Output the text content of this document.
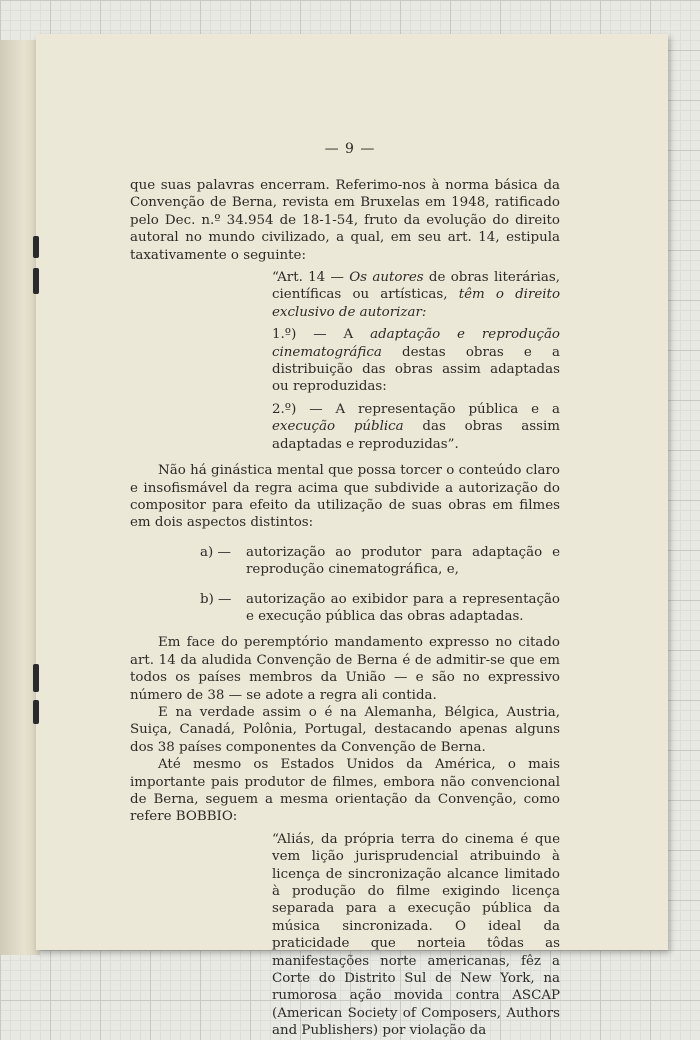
— 9 —

que suas palavras encerram. Referimo-nos à norma básica da Convenção de Berna, revista em Bruxelas em 1948, ratificado pelo Dec. n.º 34.954 de 18-1-54, fruto da evolução do direito autoral no mundo civilizado, a qual, em seu art. 14, estipula taxativamente o seguinte:

“Art. 14 — Os autores de obras literárias, científicas ou artísticas, têm o direito exclusivo de autorizar:

1.º) — A adaptação e reprodução cinematográfica destas obras e a distribuição das obras assim adaptadas ou reproduzidas:

2.º) — A representação pública e a execução pública das obras assim adaptadas e reproduzidas”.

Não há ginástica mental que possa torcer o conteúdo claro e insofismável da regra acima que subdivide a autorização do compositor para efeito da utilização de suas obras em filmes em dois aspectos distintos:

a) —	autorização ao produtor para adaptação e reprodução cinematográfica, e,
b) —	autorização ao exibidor para a representação e execução pública das obras adaptadas.

Em face do peremptório mandamento expresso no citado art. 14 da aludida Convenção de Berna é de admitir-se que em todos os países membros da União — e são no expressivo número de 38 — se adote a regra ali contida.

E na verdade assim o é na Alemanha, Bélgica, Austria, Suiça, Canadá, Polônia, Portugal, destacando apenas alguns dos 38 países componentes da Convenção de Berna.

Até mesmo os Estados Unidos da América, o mais importante pais produtor de filmes, embora não convencional de Berna, seguem a mesma orientação da Convenção, como refere BOBBIO:

“Aliás, da própria terra do cinema é que vem lição jurisprudencial atribuindo à licença de sincronização alcance limitado à produção do filme exigindo licença separada para a execução pública da música sincronizada. O ideal da praticidade que norteia tôdas as manifestações norte americanas, fêz a Corte do Distrito Sul de New York, na rumorosa ação movida contra ASCAP (American Society of Composers, Authors and Publishers) por violação da
